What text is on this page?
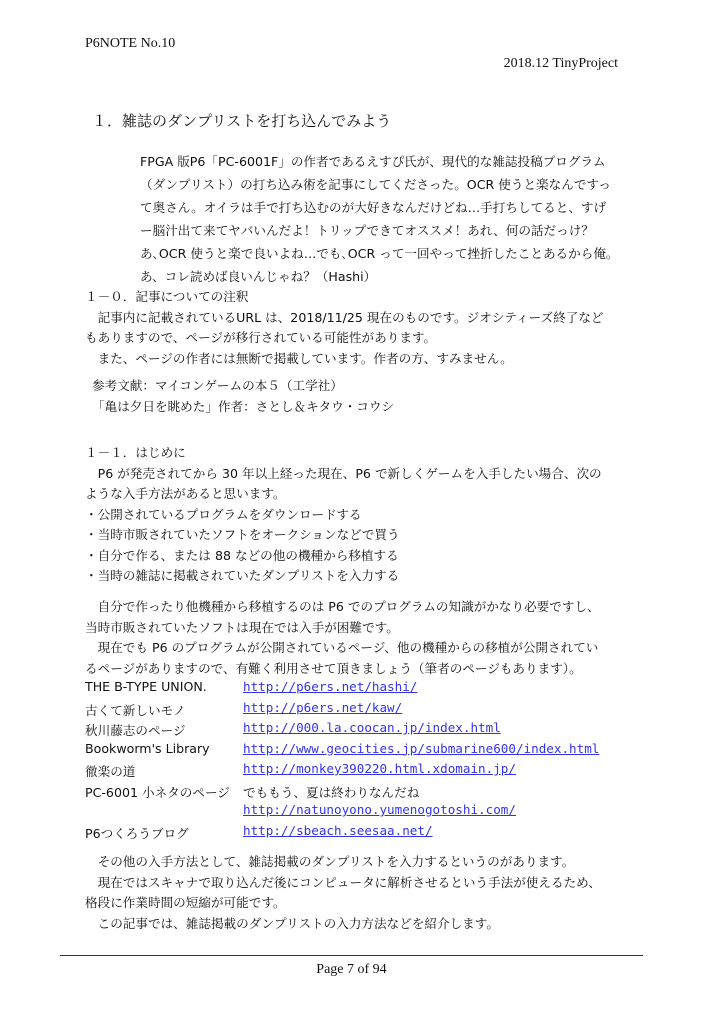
P6NOTE No.10
2018.12 TinyProject
１．雑誌のダンプリストを打ち込んでみよう
FPGA 版P6「PC-6001F」の作者であるえすぴ氏が、現代的な雑誌投稿プログラム
（ダンプリスト）の打ち込み術を記事にしてくださった。OCR 使うと楽なんですっ
て奥さん。オイラは手で打ち込むのが大好きなんだけどね…手打ちしてると、すげ
ー脳汁出て来てヤバいんだよ！トリップできてオススメ！あれ、何の話だっけ？
あ､OCR 使うと楽で良いよね…でも､OCR って一回やって挫折したことあるから俺。
あ、コレ読めば良いんじゃね？（Hashi）
１－０．記事についての注釈
　記事内に記載されているURL は、2018/11/25 現在のものです。ジオシティーズ終了など
もありますので、ページが移行されている可能性があります。
　また、ページの作者には無断で掲載しています。作者の方、すみません。
参考文献：マイコンゲームの本５（工学社）
「亀は夕日を眺めた」作者：さとし＆キタウ・コウシ
１－１．はじめに
　P6 が発売されてから 30 年以上経った現在、P6 で新しくゲームを入手したい場合、次の
ような入手方法があると思います。
・公開されているプログラムをダウンロードする
・当時市販されていたソフトをオークションなどで買う
・自分で作る、または 88 などの他の機種から移植する
・当時の雑誌に掲載されていたダンプリストを入力する
　自分で作ったり他機種から移植するのは P6 でのプログラムの知識がかなり必要ですし、
当時市販されていたソフトは現在では入手が困難です。
　現在でも P6 のプログラムが公開されているページ、他の機種からの移植が公開されてい
るページがありますので、有難く利用させて頂きましょう（筆者のページもあります）。
THE B-TYPE UNION.	http://p6ers.net/hashi/
古くて新しいモノ	http://p6ers.net/kaw/
秋川藤志のページ	http://000.la.coocan.jp/index.html
Bookworm's Library	http://www.geocities.jp/submarine600/index.html
徹楽の道	http://monkey390220.html.xdomain.jp/
PC-6001 小ネタのページ でももう、夏は終わりなんだね
http://natunoyono.yumenogotoshi.com/
P6つくろうブログ	http://sbeach.seesaa.net/
　その他の入手方法として、雑誌掲載のダンプリストを入力するというのがあります。
　現在ではスキャナで取り込んだ後にコンピュータに解析させるという手法が使えるため、
格段に作業時間の短縮が可能です。
　この記事では、雑誌掲載のダンプリストの入力方法などを紹介します。
Page 7 of 94
